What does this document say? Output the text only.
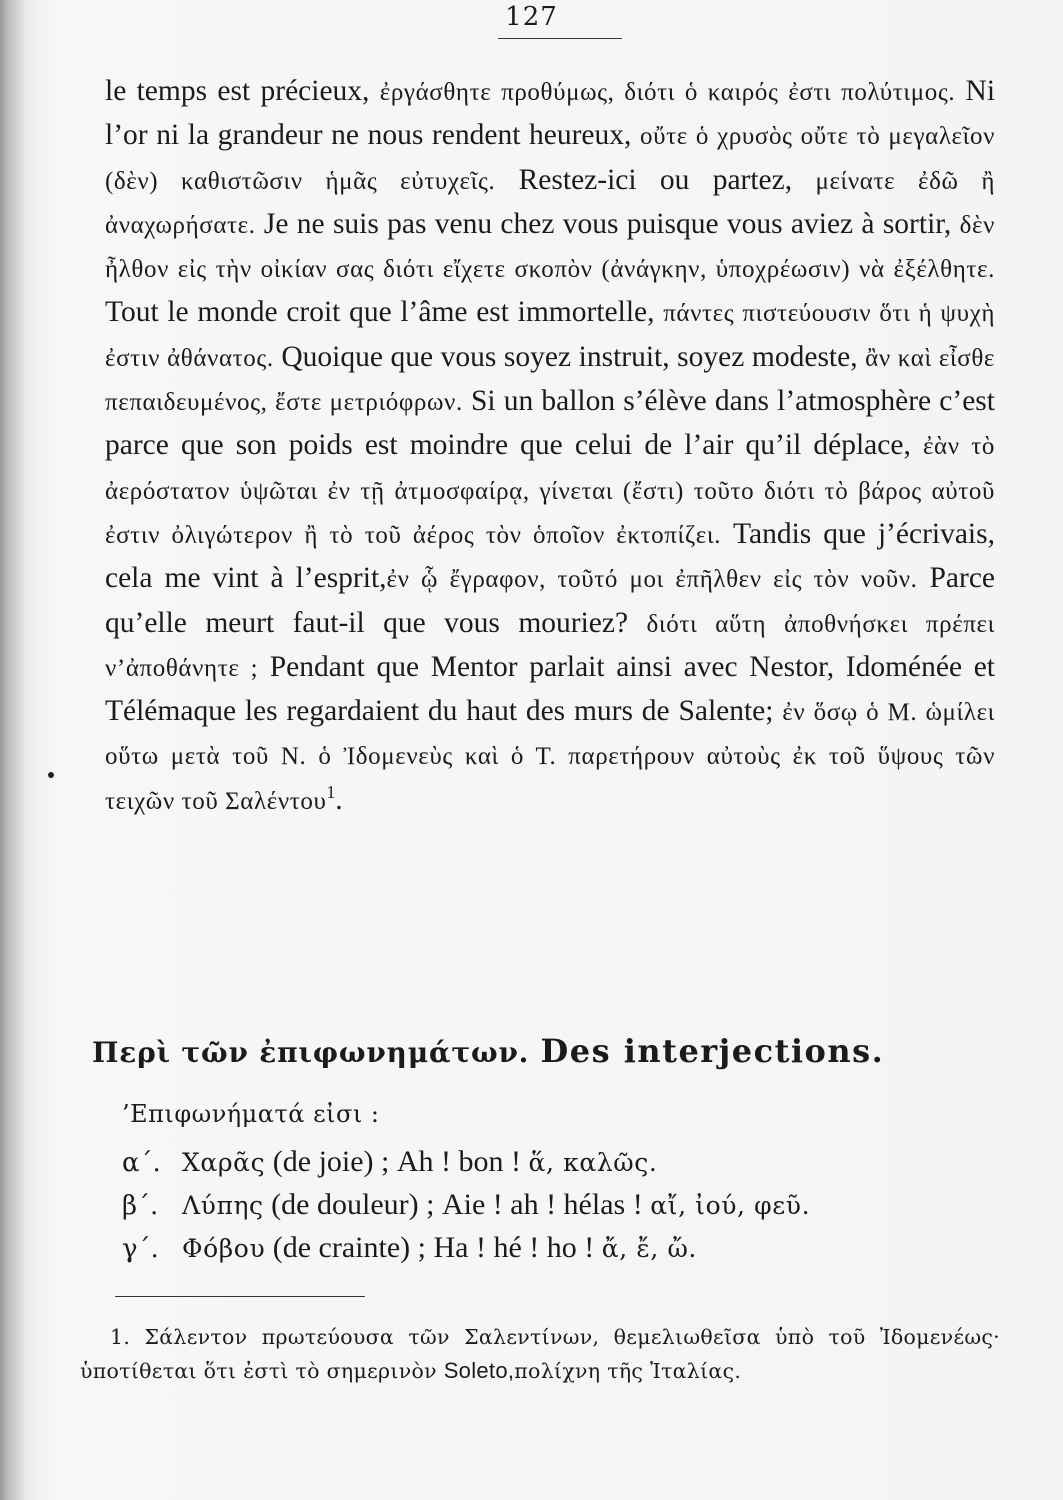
127
le temps est précieux, ἐργάσθητε προθύμως, διότι ὁ καιρός ἐστι πολύτιμος. Ni l’or ni la grandeur ne nous rendent heureux, οὔτε ὁ χρυσὸς οὔτε τὸ μεγαλεῖον (δὲν) καθιστῶσιν ἡμᾶς εὐτυχεῖς. Restez-ici ou partez, μείνατε ἐδῶ ἢ ἀναχωρήσατε. Je ne suis pas venu chez vous puisque vous aviez à sortir, δὲν ἦλθον εἰς τὴν οἰκίαν σας διότι εἴχετε σκοπὸν (ἀνάγκην, ὑποχρέωσιν) νὰ ἐξέλθητε. Tout le monde croit que l’âme est immortelle, πάντες πιστεύουσιν ὅτι ἡ ψυχὴ ἐστιν ἀθάνατος. Quoique que vous soyez instruit, soyez modeste, ἂν καὶ εἶσθε πεπαιδευμένος, ἔστε μετριόφρων. Si un ballon s’élève dans l’atmosphère c’est parce que son poids est moindre que celui de l’air qu’il déplace, ἐὰν τὸ ἀερόστατον ὑψῶται ἐν τῇ ἀτμοσφαίρᾳ, γίνεται (ἔστι) τοῦτο διότι τὸ βάρος αὐτοῦ ἐστιν ὀλιγώτερον ἢ τὸ τοῦ ἀέρος τὸν ὁποῖον ἐκτοπίζει. Tandis que j’écrivais, cela me vint à l’esprit,ἐν ᾧ ἔγραφον, τοῦτό μοι ἐπῆλθεν εἰς τὸν νοῦν. Parce qu’elle meurt faut-il que vous mouriez? διότι αὕτη ἀποθνήσκει πρέπει ν’ἀποθάνητε ; Pendant que Mentor parlait ainsi avec Nestor, Idoménée et Télémaque les regardaient du haut des murs de Salente; ἐν ὅσῳ ὁ Μ. ὡμίλει οὕτω μετὰ τοῦ Ν. ὁ Ἰδομενεὺς καὶ ὁ Τ. παρετήρουν αὐτοὺς ἐκ τοῦ ὕψους τῶν τειχῶν τοῦ Σαλέντου$^1$.
Περὶ τῶν ἐπιφωνημάτων. Des interjections.
’Επιφωνήματά εἰσι :
α΄. Χαρᾶς (de joie) ; Ah ! bon ! ἅ, καλῶς.
β΄. Λύπης (de douleur) ; Aie ! ah ! hélas ! αἴ, ἰού, φεῦ.
γ΄. Φόβου (de crainte) ; Ha ! hé ! ho ! ἄ, ἔ, ὤ.
1. Σάλεντον πρωτεύουσα τῶν Σαλεντίνων, θεμελιωθεῖσα ὑπὸ τοῦ Ἰδομενέως· ὑποτίθεται ὅτι ἐστὶ τὸ σημερινὸν Soleto,πολίχνη τῆς Ἰταλίας.
